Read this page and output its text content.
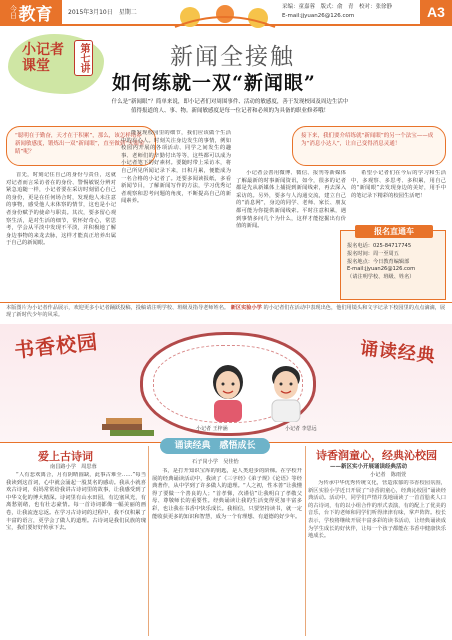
今日 教育	2015年3月10日　星期二
采编：童嘉蓉　版式：俞　青　校对：张徐静
E-mail:jjyuan26@126.com	A3
小记者课堂	第七讲	新闻全接触
如何练就一双“新闻眼”
什么是“新闻眼”？简单来说，即小记者们对周围事件、活动的敏感度，善于发现校园及周边生活中值得报道的人、事、物。新闻敏感度是每一位记者和必须的为具备的职业修养哦！
“聪明在于勤奋，天才在于积累”，那么，该怎样培养新闻敏感度，锻炼出一双“新闻眼”，直至做到“火眼金睛”呢？
接下来，我们要介绍练就“新闻眼”的另一个法宝——成为“消息小达人”，让自己变得消息灵通！

首先，时刻记住自己的身份与责任，这就对记者而言采访者在的身份、警惕敏锐分辨对紧急追随一样，小记者要在采访时刻留心自己的身份，更是在任何场合时，发现他人未注意的事物，感受他人未体察的情节，这也是小记者身份赋予的使命与职责。其次，要多留心观察生活，是对生活的细节，常怀好奇心，常思考，学会从平淡中发现不平淡，并积极地了解身边事物的来龙去脉，这样才能真正培养出属于自己的新闻眼。

能发现校园里的细节，我们应该做个生活中的有心人。时刻关注身边发生的事情，例如校园内开展的各项活动、同学之间发生的趣事、老师们的辛勤付出等等，这些都可以成为小记者笔下的好素材。要随时带上采访本，将自己所见所闻记录下来，日积月累，便能成为一名合格的小记者了。还要多阅读报纸，多看新闻节目，了解新闻写作的方法，学习优秀记者观察和思考问题的角度，不断提高自己的新闻素养。

小记者会善用微博、微信、报刊等新媒体了解最新的时事新闻资讯，如今，很多的记者都是先从新媒体上捕捉到新闻线索，再去深入采访的。另外，要多与人沟通交流，建立自己的“消息网”，身边的同学、老师、家长、朋友都可能为你提供新闻线索。平时注意积累，遇到事情多问几个为什么，这样才能挖掘出有价值的新闻。

希望小记者们在今后的学习和生活中，多观察、多思考、多积累，用自己的“新闻眼”去发现身边的美好，用手中的笔记录下精彩的校园生活吧！

报名直通车
报名电话：025-84717745
报名时间：周一至周五
报名地点：今日教育编辑部
E-mail:jjyuan26@126.com
（请注明学校、班级、姓名）
本版图片为小记者作品展示，欢迎更多小记者踊跃投稿，投稿请注明学校、班级及指导老师姓名。 新区实验小学 的小记者们在活动中表现出色，他们用镜头和文字记录下校园里的点点滴滴，展现了新时代少年的风采。
书香校园	诵读经典
小记者 王梓涵	小记者 李思远
爱上古诗词
南昌路小学　周思蓉

“人有悲欢离合，月有阴晴圆缺，此事古难全……”每当我读到这首词，心中就会涌起一股莫名的感动。我从小就喜欢古诗词，妈妈常常给我讲古诗词里的故事，让我感受到了中华文化的博大精深。诗词里有山水田园，有边塞风光，有离愁别绪，也有壮志豪情。每一首诗词都像一幅美丽的画卷，让我流连忘返。在学习古诗词的过程中，我不仅积累了丰富的语言，更学会了做人的道理。古诗词是我们民族的瑰宝，我们要好好传承下去。

诵读经典　感悟成长
石子岗小学　吴佳怡

书，是打开知识宝库的钥匙，是人类进步的阶梯。在学校开展的经典诵读活动中，我读了《三字经》《弟子规》《论语》等经典著作，从中学到了许多做人的道理。“人之初，性本善”让我懂得了要做一个善良的人；“首孝悌，次谨信”让我明白了孝敬父母、尊敬师长的重要性。经典诵读让我的生活变得更加丰富多彩，也让我在书香中快乐成长。我相信，只要坚持读书，就一定能收获更多的知识和智慧，成为一个有理想、有道德的好少年。

诗香润童心，经典沁校园
——新区实小开展诵读经典活动
小记者　陈雨萱

为传承中华优秀传统文化，营造浓郁的书香校园氛围，新区实验小学近日开展了“诗香润童心，经典沁校园”诵读经典活动。活动中，同学们声情并茂地诵读了一首首脍炙人口的古诗词，有的以小组合作的形式表演，有的配上了优美的音乐，台下的老师和同学们听得津津有味，掌声阵阵。校长表示，学校将继续开展丰富多彩的读书活动，让经典诵读成为学生成长的好伙伴，让每一个孩子都能在书香中健康快乐地成长。
